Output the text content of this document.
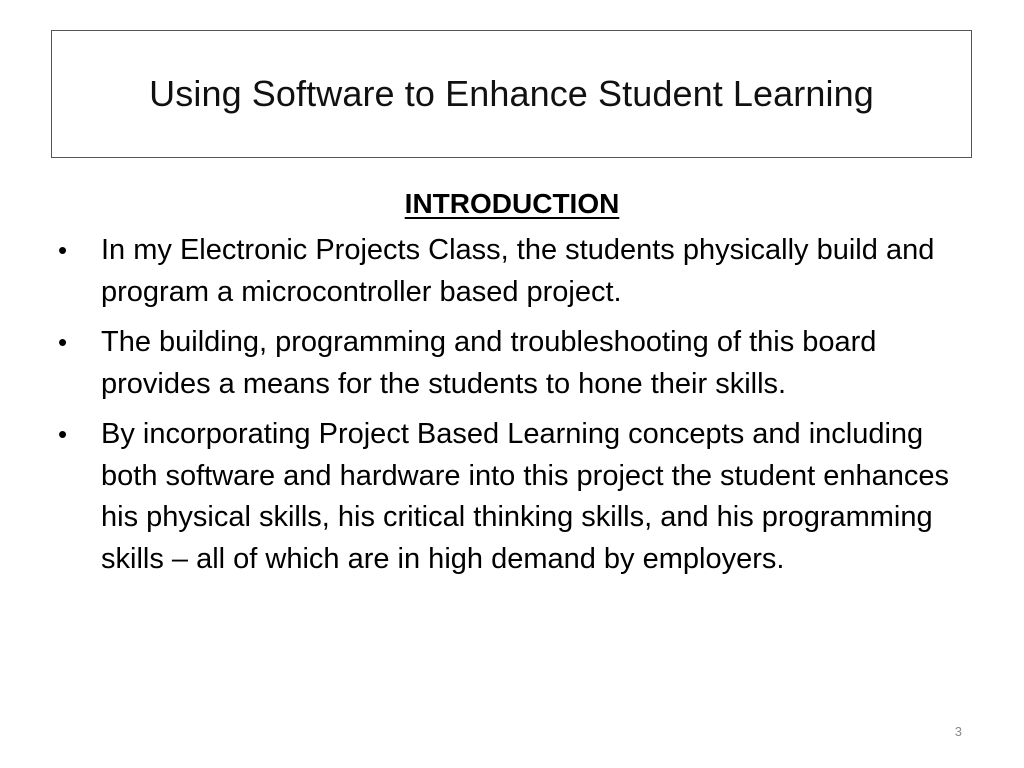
Using Software to Enhance Student Learning
INTRODUCTION
• In my Electronic Projects Class, the students physically build and program a microcontroller based project.
• The building, programming and troubleshooting of this board provides a means for the students to hone their skills.
• By incorporating Project Based Learning concepts and including both software and hardware into this project the student enhances his physical skills, his critical thinking skills, and his programming skills – all of which are in high demand by employers.
3
